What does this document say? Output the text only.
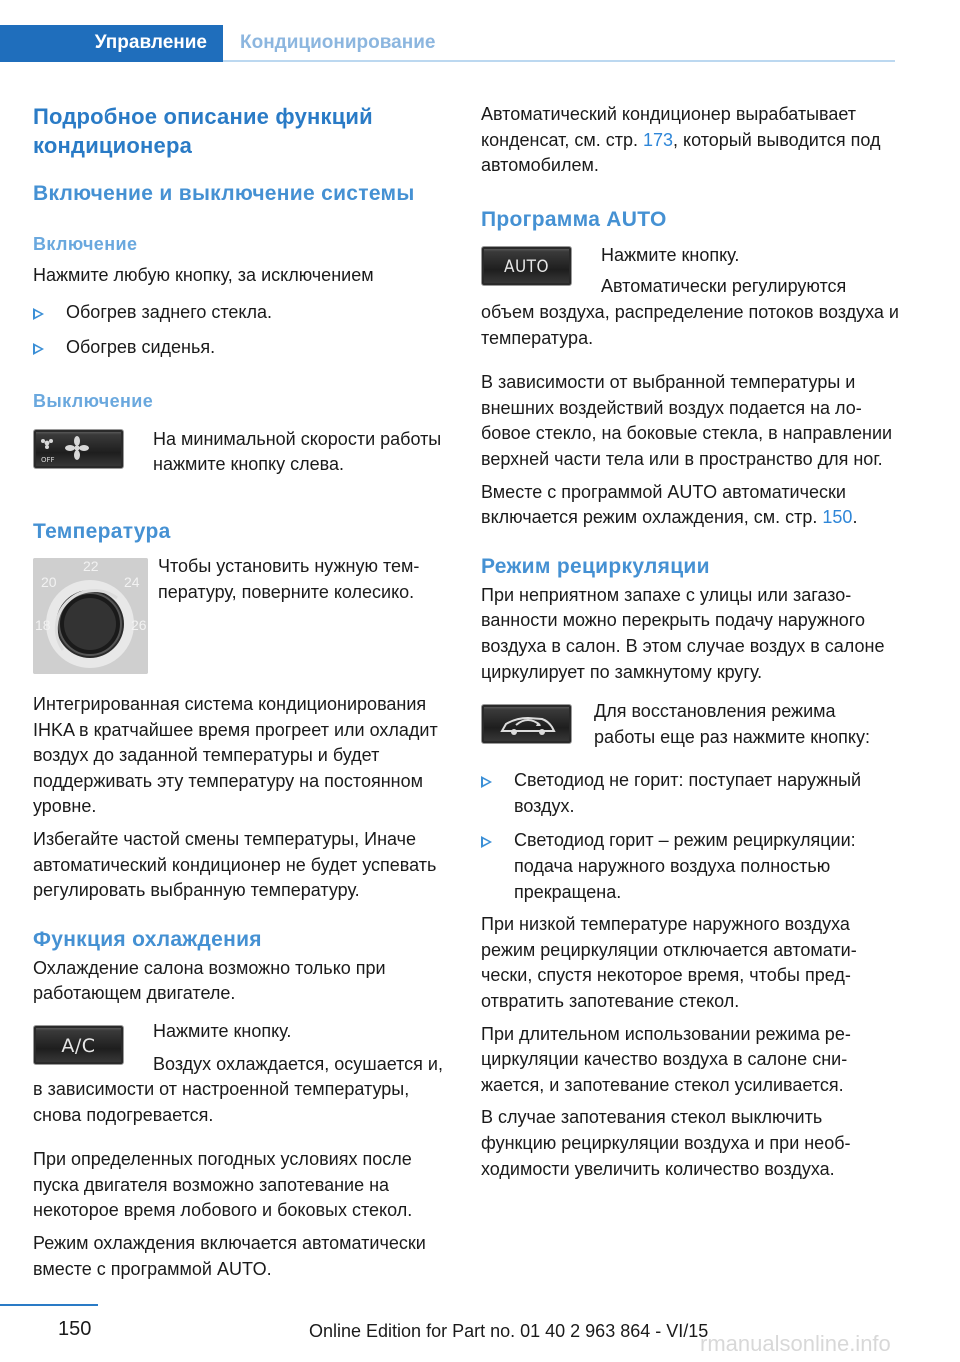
Управление Кондиционирование
Подробное описание функций кондиционера
Включение и выключение системы
Включение
Нажмите любую кнопку, за исключением
Обогрев заднего стекла.
Обогрев сиденья.
Выключение
OFF
На минимальной скорости работы нажмите кнопку слева.
Температура
22
20	24
18	26
Чтобы установить нужную температуру, поверните колесико.
Интегрированная система кондиционирования IHKA в кратчайшее время прогреет или охладит воздух до заданной температуры и будет поддерживать эту температуру на постоянном уровне.
Избегайте частой смены температуры, Иначе автоматический кондиционер не будет успевать регулировать выбранную температуру.
Функция охлаждения
Охлаждение салона возможно только при работающем двигателе.
A/C
Нажмите кнопку.
Воздух охлаждается, осушается и, в зависимости от настроенной температуры, снова подогревается.
При определенных погодных условиях после пуска двигателя возможно запотевание на некоторое время лобового и боковых стекол.
Режим охлаждения включается автоматически вместе с программой AUTO.
Автоматический кондиционер вырабатывает конденсат, см. стр. 173, который выводится под автомобилем.
Программа AUTO
AUTO
Нажмите кнопку.
Автоматически регулируются объем воздуха, распределение потоков воздуха и температура.
В зависимости от выбранной температуры и внешних воздействий воздух подается на лобовое стекло, на боковые стекла, в направлении верхней части тела или в пространство для ног.
Вместе с программой AUTO автоматически включается режим охлаждения, см. стр. 150.
Режим рециркуляции
При неприятном запахе с улицы или загазованности можно перекрыть подачу наружного воздуха в салон. В этом случае воздух в салоне циркулирует по замкнутому кругу.
Для восстановления режима работы еще раз нажмите кнопку:
Светодиод не горит: поступает наружный воздух.
Светодиод горит – режим рециркуляции: подача наружного воздуха полностью прекращена.
При низкой температуре наружного воздуха режим рециркуляции отключается автоматически, спустя некоторое время, чтобы предотвратить запотевание стекол.
При длительном использовании режима рециркуляции качество воздуха в салоне снижается, и запотевание стекол усиливается.
В случае запотевания стекол выключить функцию рециркуляции воздуха и при необходимости увеличить количество воздуха.
150	Online Edition for Part no. 01 40 2 963 864 - VI/15
rmanualsonline.info
